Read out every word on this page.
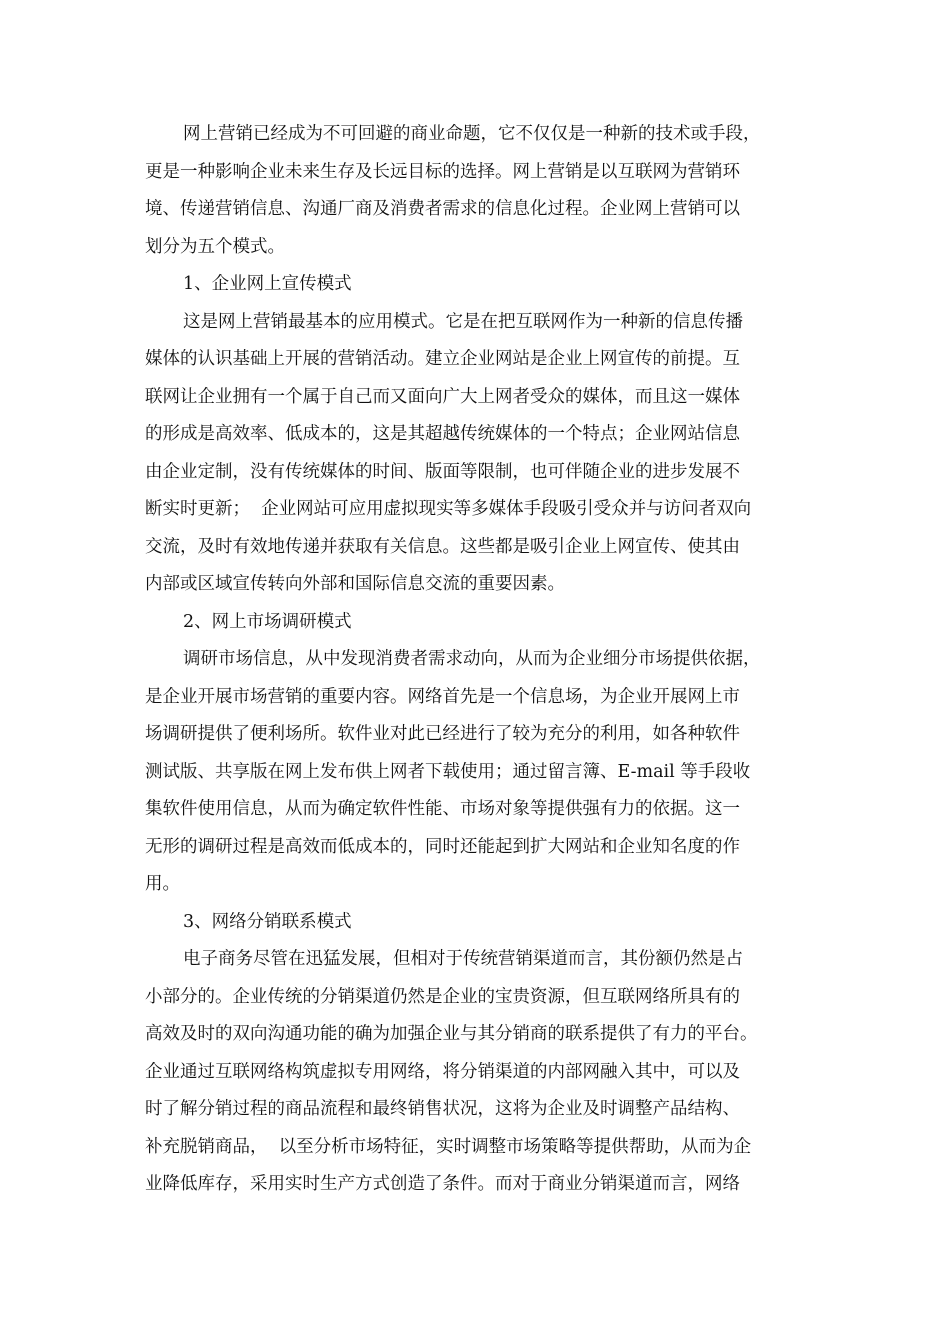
网上营销已经成为不可回避的商业命题，它不仅仅是一种新的技术或手段，
更是一种影响企业未来生存及长远目标的选择。网上营销是以互联网为营销环
境、传递营销信息、沟通厂商及消费者需求的信息化过程。企业网上营销可以
划分为五个模式。
1、企业网上宣传模式
这是网上营销最基本的应用模式。它是在把互联网作为一种新的信息传播
媒体的认识基础上开展的营销活动。建立企业网站是企业上网宣传的前提。互
联网让企业拥有一个属于自己而又面向广大上网者受众的媒体，而且这一媒体
的形成是高效率、低成本的，这是其超越传统媒体的一个特点；企业网站信息
由企业定制，没有传统媒体的时间、版面等限制，也可伴随企业的进步发展不
断实时更新；  企业网站可应用虚拟现实等多媒体手段吸引受众并与访问者双向
交流，及时有效地传递并获取有关信息。这些都是吸引企业上网宣传、使其由
内部或区域宣传转向外部和国际信息交流的重要因素。
2、网上市场调研模式
调研市场信息，从中发现消费者需求动向，从而为企业细分市场提供依据，
是企业开展市场营销的重要内容。网络首先是一个信息场，为企业开展网上市
场调研提供了便利场所。软件业对此已经进行了较为充分的利用，如各种软件
测试版、共享版在网上发布供上网者下载使用；通过留言簿、E-mail 等手段收
集软件使用信息，从而为确定软件性能、市场对象等提供强有力的依据。这一
无形的调研过程是高效而低成本的，同时还能起到扩大网站和企业知名度的作
用。
3、网络分销联系模式
电子商务尽管在迅猛发展，但相对于传统营销渠道而言，其份额仍然是占
小部分的。企业传统的分销渠道仍然是企业的宝贵资源，但互联网络所具有的
高效及时的双向沟通功能的确为加强企业与其分销商的联系提供了有力的平台。
企业通过互联网络构筑虚拟专用网络，将分销渠道的内部网融入其中，可以及
时了解分销过程的商品流程和最终销售状况，这将为企业及时调整产品结构、
补充脱销商品，  以至分析市场特征，实时调整市场策略等提供帮助，从而为企
业降低库存，采用实时生产方式创造了条件。而对于商业分销渠道而言，网络
